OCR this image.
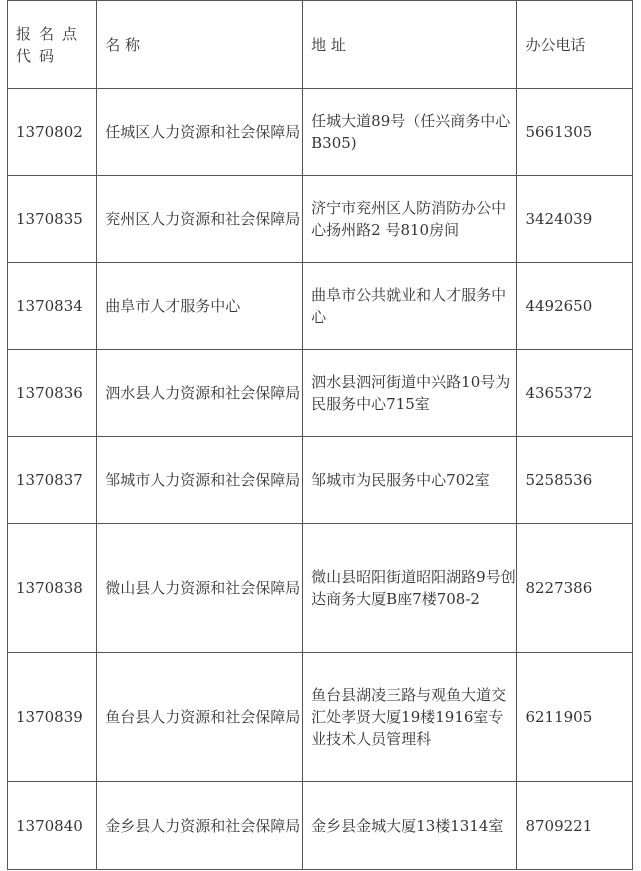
报名点代码	名 称	地 址	办公电话
1370802	任城区人力资源和社会保障局	任城大道89号（任兴商务中心B305)	5661305
1370835	兖州区人力资源和社会保障局	济宁市兖州区人防消防办公中心扬州路2 号810房间	3424039
1370834	曲阜市人才服务中心	曲阜市公共就业和人才服务中心	4492650
1370836	泗水县人力资源和社会保障局	泗水县泗河街道中兴路10号为民服务中心715室	4365372
1370837	邹城市人力资源和社会保障局	邹城市为民服务中心702室	5258536
1370838	微山县人力资源和社会保障局	微山县昭阳街道昭阳湖路9号创达商务大厦B座7楼708-2	8227386
1370839	鱼台县人力资源和社会保障局	鱼台县湖凌三路与观鱼大道交汇处孝贤大厦19楼1916室专业技术人员管理科	6211905
1370840	金乡县人力资源和社会保障局	金乡县金城大厦13楼1314室	8709221
